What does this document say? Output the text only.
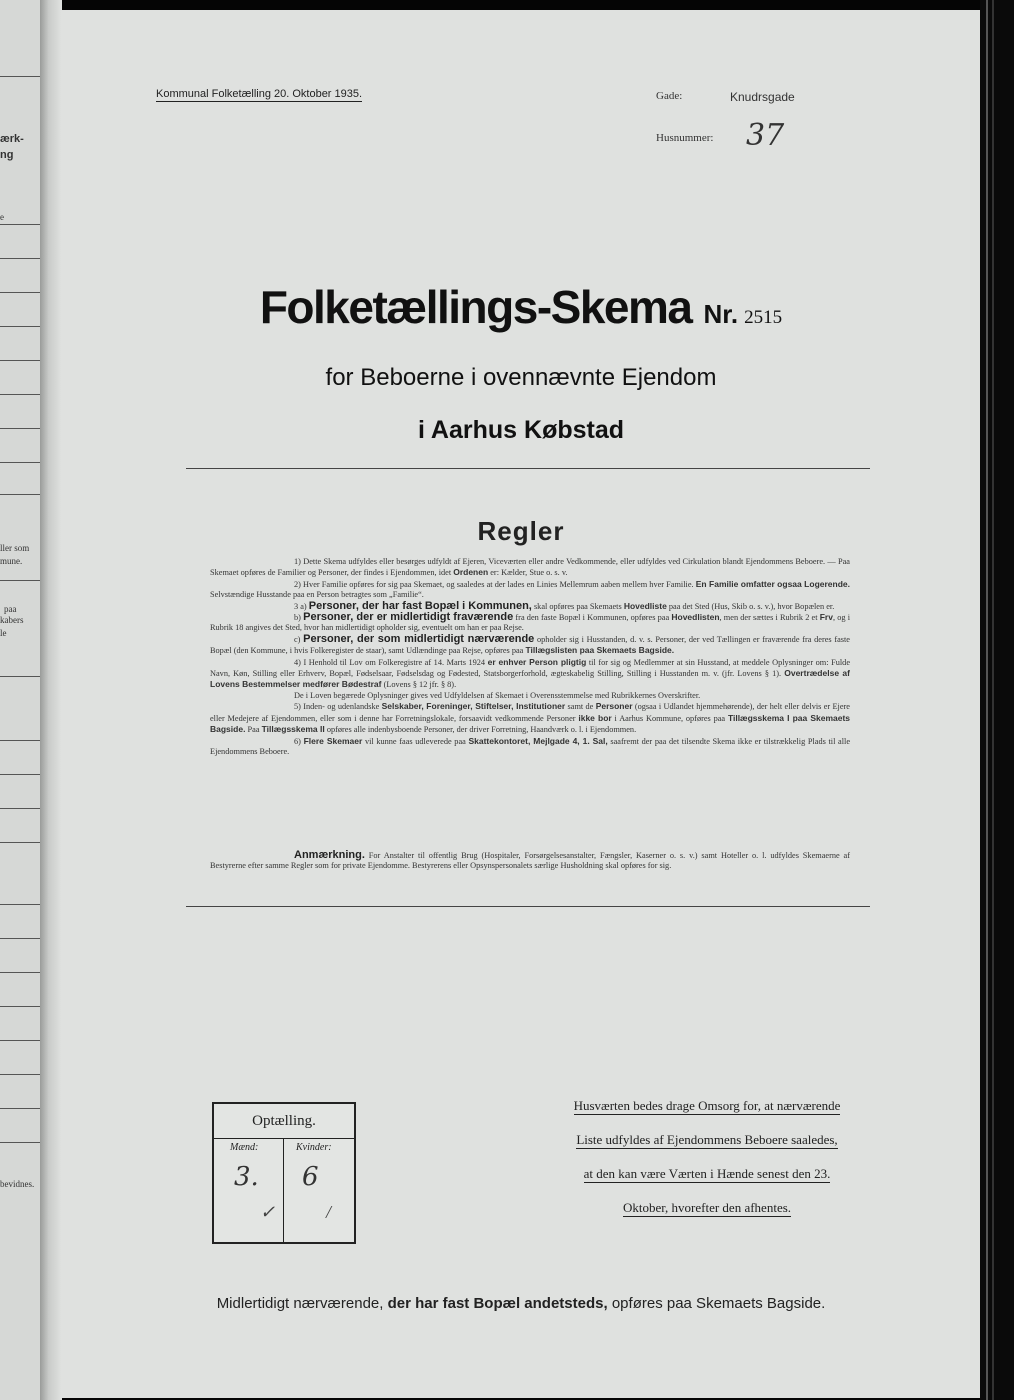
ærk-
ng
e
ller som
mune.
paa
kabers
le
bevidnes.
Kommunal Folketælling 20. Oktober 1935.	Gade:	Knudrsgade
Husnummer: 37
Folketællings-Skema Nr. 2515
for Beboerne i ovennævnte Ejendom
i Aarhus Købstad
Regler

1) Dette Skema udfyldes eller besørges udfyldt af Ejeren, Viceværten eller andre Vedkommende, eller udfyldes ved Cirkulation blandt Ejendommens Beboere. — Paa Skemaet opføres de Familier og Personer, der findes i Ejendommen, idet Ordenen er: Kælder, Stue o. s. v.

2) Hver Familie opføres for sig paa Skemaet, og saaledes at der lades en Linies Mellemrum aaben mellem hver Familie. En Familie omfatter ogsaa Logerende. Selvstændige Husstande paa en Person betragtes som „Familie“.

3 a) Personer, der har fast Bopæl i Kommunen, skal opføres paa Skemaets Hovedliste paa det Sted (Hus, Skib o. s. v.), hvor Bopælen er.

b) Personer, der er midlertidigt fraværende fra den faste Bopæl i Kommunen, opføres paa Hovedlisten, men der sættes i Rubrik 2 et Frv, og i Rubrik 18 angives det Sted, hvor han midlertidigt opholder sig, eventuelt om han er paa Rejse.

c) Personer, der som midlertidigt nærværende opholder sig i Husstanden, d. v. s. Personer, der ved Tællingen er fraværende fra deres faste Bopæl (den Kommune, i hvis Folkeregister de staar), samt Udlændinge paa Rejse, opføres paa Tillægslisten paa Skemaets Bagside.

4) I Henhold til Lov om Folkeregistre af 14. Marts 1924 er enhver Person pligtig til for sig og Medlemmer at sin Husstand, at meddele Oplysninger om: Fulde Navn, Køn, Stilling eller Erhverv, Bopæl, Fødselsaar, Fødselsdag og Fødested, Statsborgerforhold, ægteskabelig Stilling, Stilling i Husstanden m. v. (jfr. Lovens § 1). Overtrædelse af Lovens Bestemmelser medfører Bødestraf (Lovens § 12 jfr. § 8).

De i Loven begærede Oplysninger gives ved Udfyldelsen af Skemaet i Overensstemmelse med Rubrikkernes Overskrifter.

5) Inden- og udenlandske Selskaber, Foreninger, Stiftelser, Institutioner samt de Personer (ogsaa i Udlandet hjemmehørende), der helt eller delvis er Ejere eller Medejere af Ejendommen, eller som i denne har Forretningslokale, forsaavidt vedkommende Personer ikke bor i Aarhus Kommune, opføres paa Tillægsskema I paa Skemaets Bagside. Paa Tillægsskema II opføres alle indenbysboende Personer, der driver Forretning, Haandværk o. l. i Ejendommen.

6) Flere Skemaer vil kunne faas udleverede paa Skattekontoret, Mejlgade 4, 1. Sal, saafremt der paa det tilsendte Skema ikke er tilstrækkelig Plads til alle Ejendommens Beboere.

Anmærkning. For Anstalter til offentlig Brug (Hospitaler, Forsørgelsesanstalter, Fængsler, Kaserner o. s. v.) samt Hoteller o. l. udfyldes Skemaerne af Bestyrerne efter samme Regler som for private Ejendomme. Bestyrerens eller Opsynspersonalets særlige Husholdning skal opføres for sig.
Optælling.
Mænd:	Kvinder:
3. 6
✓	/
Husværten bedes drage Omsorg for, at nærværende
Liste udfyldes af Ejendommens Beboere saaledes,
at den kan være Værten i Hænde senest den 23.
Oktober, hvorefter den afhentes.
Midlertidigt nærværende, der har fast Bopæl andetsteds, opføres paa Skemaets Bagside.
